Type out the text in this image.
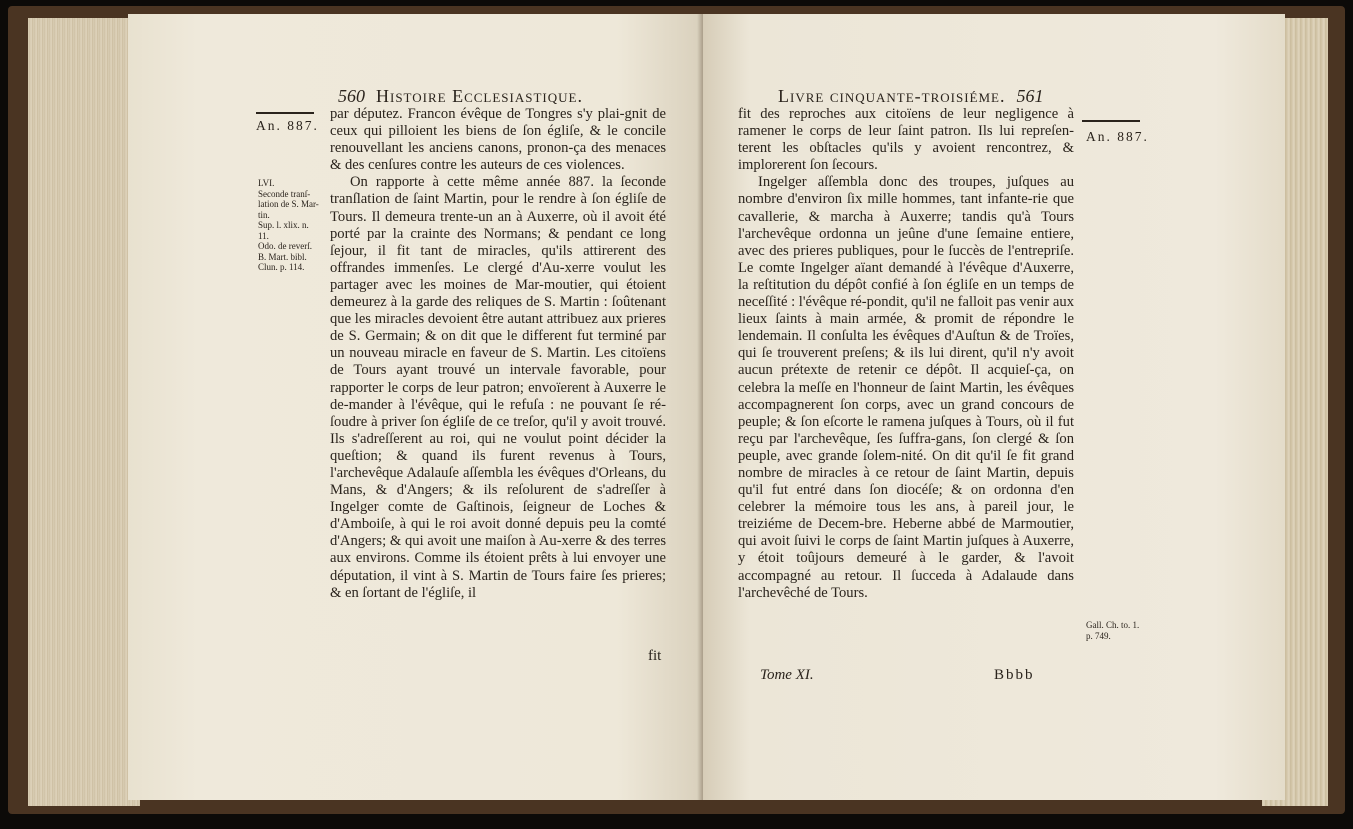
560 Histoire Ecclesiastique.
An. 887.
LVI.
Seconde tranſ-
lation de S. Mar-
tin.
Sup. l. xlix. n.
11.
Odo. de reverſ.
B. Mart. bibl.
Clun. p. 114.

par députez. Francon évêque de Tongres s'y plai-gnit de ceux qui pilloient les biens de ſon égliſe, & le concile renouvellant les anciens canons, pronon-ça des menaces & des cenſures contre les auteurs de ces violences.

On rapporte à cette même année 887. la ſeconde tranſlation de ſaint Martin, pour le rendre à ſon égliſe de Tours. Il demeura trente-un an à Auxerre, où il avoit été porté par la crainte des Normans; & pendant ce long ſejour, il fit tant de miracles, qu'ils attirerent des offrandes immenſes. Le clergé d'Au-xerre voulut les partager avec les moines de Mar-moutier, qui étoient demeurez à la garde des reliques de S. Martin : ſoûtenant que les miracles devoient être autant attribuez aux prieres de S. Germain; & on dit que le different fut terminé par un nouveau miracle en faveur de S. Martin. Les citoïens de Tours ayant trouvé un intervale favorable, pour rapporter le corps de leur patron; envoïerent à Auxerre le de-mander à l'évêque, qui le refuſa : ne pouvant ſe ré-ſoudre à priver ſon égliſe de ce treſor, qu'il y avoit trouvé. Ils s'adreſſerent au roi, qui ne voulut point décider la queſtion; & quand ils furent revenus à Tours, l'archevêque Adalauſe aſſembla les évêques d'Orleans, du Mans, & d'Angers; & ils reſolurent de s'adreſſer à Ingelger comte de Gaſtinois, ſeigneur de Loches & d'Amboiſe, à qui le roi avoit donné depuis peu la comté d'Angers; & qui avoit une maiſon à Au-xerre & des terres aux environs. Comme ils étoient prêts à lui envoyer une députation, il vint à S. Martin de Tours faire ſes prieres; & en ſortant de l'égliſe, il

fit
Livre cinquante-troisiéme. 561
An. 887.

fit des reproches aux citoïens de leur negligence à ramener le corps de leur ſaint patron. Ils lui repreſen-terent les obſtacles qu'ils y avoient rencontrez, & implorerent ſon ſecours.

Ingelger aſſembla donc des troupes, juſques au nombre d'environ ſix mille hommes, tant infante-rie que cavallerie, & marcha à Auxerre; tandis qu'à Tours l'archevêque ordonna un jeûne d'une ſemaine entiere, avec des prieres publiques, pour le ſuccès de l'entrepriſe. Le comte Ingelger aïant demandé à l'évêque d'Auxerre, la reſtitution du dépôt confié à ſon égliſe en un temps de neceſſité : l'évêque ré-pondit, qu'il ne falloit pas venir aux lieux ſaints à main armée, & promit de répondre le lendemain. Il conſulta les évêques d'Auſtun & de Troïes, qui ſe trouverent preſens; & ils lui dirent, qu'il n'y avoit aucun prétexte de retenir ce dépôt. Il acquieſ-ça, on celebra la meſſe en l'honneur de ſaint Martin, les évêques accompagnerent ſon corps, avec un grand concours de peuple; & ſon eſcorte le ramena juſques à Tours, où il fut reçu par l'archevêque, ſes ſuffra-gans, ſon clergé & ſon peuple, avec grande ſolem-nité. On dit qu'il ſe fit grand nombre de miracles à ce retour de ſaint Martin, depuis qu'il fut entré dans ſon diocéſe; & on ordonna d'en celebrer la mémoire tous les ans, à pareil jour, le treiziéme de Decem-bre. Heberne abbé de Marmoutier, qui avoit ſuivi le corps de ſaint Martin juſques à Auxerre, y étoit toûjours demeuré à le garder, & l'avoit accompagné au retour. Il ſucceda à Adalaude dans l'archevêché de Tours.

Gall. Ch. to. 1.
p. 749.
Tome XI.	Bbbb
